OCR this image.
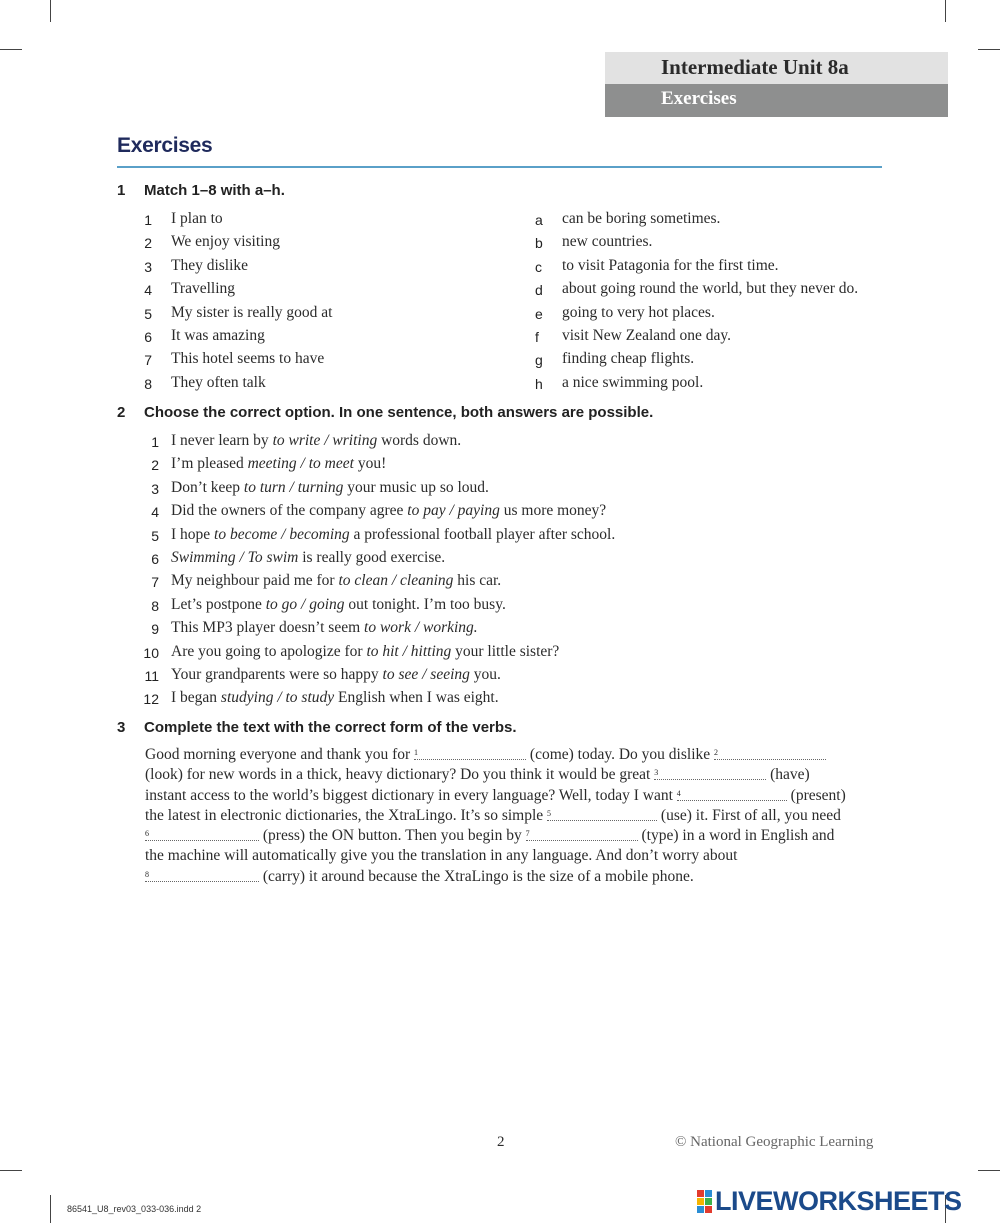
Intermediate Unit 8a
Exercises
Exercises
1 Match 1–8 with a–h.
1 I plan to	a can be boring sometimes.
2 We enjoy visiting	b new countries.
3 They dislike	c to visit Patagonia for the first time.
4 Travelling	d about going round the world, but they never do.
5 My sister is really good at	e going to very hot places.
6 It was amazing	f visit New Zealand one day.
7 This hotel seems to have	g finding cheap flights.
8 They often talk	h a nice swimming pool.
2 Choose the correct option. In one sentence, both answers are possible.
1 I never learn by to write / writing words down.
2 I’m pleased meeting / to meet you!
3 Don’t keep to turn / turning your music up so loud.
4 Did the owners of the company agree to pay / paying us more money?
5 I hope to become / becoming a professional football player after school.
6 Swimming / To swim is really good exercise.
7 My neighbour paid me for to clean / cleaning his car.
8 Let’s postpone to go / going out tonight. I’m too busy.
9 This MP3 player doesn’t seem to work / working.
10 Are you going to apologize for to hit / hitting your little sister?
11 Your grandparents were so happy to see / seeing you.
12 I began studying / to study English when I was eight.
3 Complete the text with the correct form of the verbs.
Good morning everyone and thank you for $^1$	(come) today. Do you dislike $^2$
(look) for new words in a thick, heavy dictionary? Do you think it would be great $^3$	(have)
instant access to the world’s biggest dictionary in every language? Well, today I want $^4$	(present)
the latest in electronic dictionaries, the XtraLingo. It’s so simple $^5$	(use) it. First of all, you need
$^6$	(press) the ON button. Then you begin by $^7$	(type) in a word in English and
the machine will automatically give you the translation in any language. And don’t worry about
$^8$	(carry) it around because the XtraLingo is the size of a mobile phone.
2	© National Geographic Learning
86541_U8_rev03_033-036.indd 2	LIVEWORKSHEETS
